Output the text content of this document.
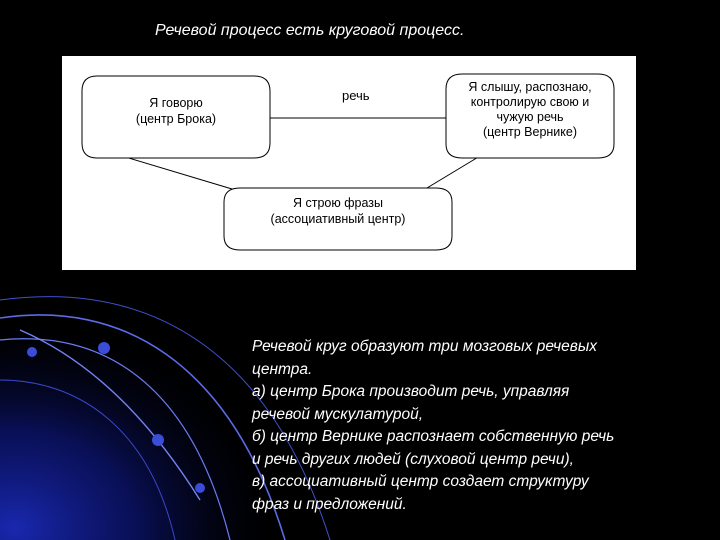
Речевой процесс есть круговой процесс.
речь
Я говорю
(центр Брока)
Я слышу, распознаю,
контролирую свою и
чужую речь
(центр Вернике)
Я строю фразы
(ассоциативный центр)
Речевой круг образуют три мозговых речевых
центра.
а) центр Брока производит речь, управляя
речевой мускулатурой,
б) центр Вернике распознает собственную речь
и речь других людей (слуховой центр речи),
в) ассоциативный центр создает структуру
фраз и предложений.
